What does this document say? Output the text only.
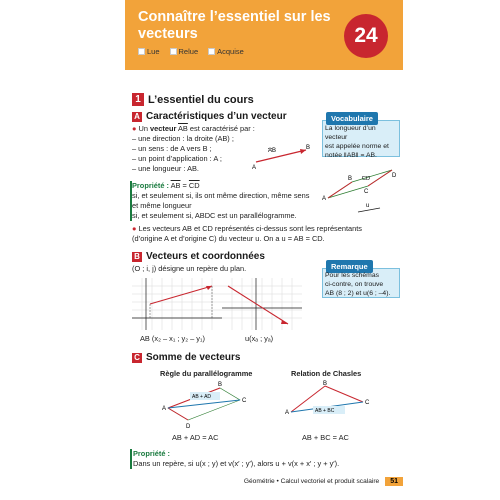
Connaître l’essentiel sur les vecteurs	24
Lue	Relue	Acquise
1 L’essentiel du cours
A Caractéristiques d’un vecteur
● Un vecteur $\overline{AB}$ est caractérisé par :
– une direction : la droite (AB) ;
– un sens : de A vers B ;
– un point d’application : A ;
– une longueur : AB.	A
B
AB
Vocabulaire
La longueur d’un vecteur
est appelée norme et
notée ‖AB‖ = AB.
Propriété : $\overline{AB} = \overline{CD}$
si, et seulement si, ils ont même direction, même sens
et même longueur
si, et seulement si, ABDC est un parallélogramme.
A
B
C
D
CD
u
● Les vecteurs AB et CD représentés ci-dessus sont les représentants
(d’origine A et d’origine C) du vecteur u. On a u = AB = CD.
B Vecteurs et coordonnées
(O ; i, j) désigne un repère du plan.
AB (x₂ – x₁ ; y₂ – y₁)	u(xₐ ; yₐ)
Remarque
Pour les schémas
ci-contre, on trouve
AB (8 ; 2) et u(6 ; –4).
C Somme de vecteurs
Règle du parallélogramme	Relation de Chasles
AB + AD
A
B
C
D
AB + BC
A
B
C
AB + AD = AC	AB + BC = AC
Propriété :
Dans un repère, si u(x ; y) et v(x′ ; y′), alors u + v(x + x′ ; y + y′).
Géométrie • Calcul vectoriel et produit scalaire	51
